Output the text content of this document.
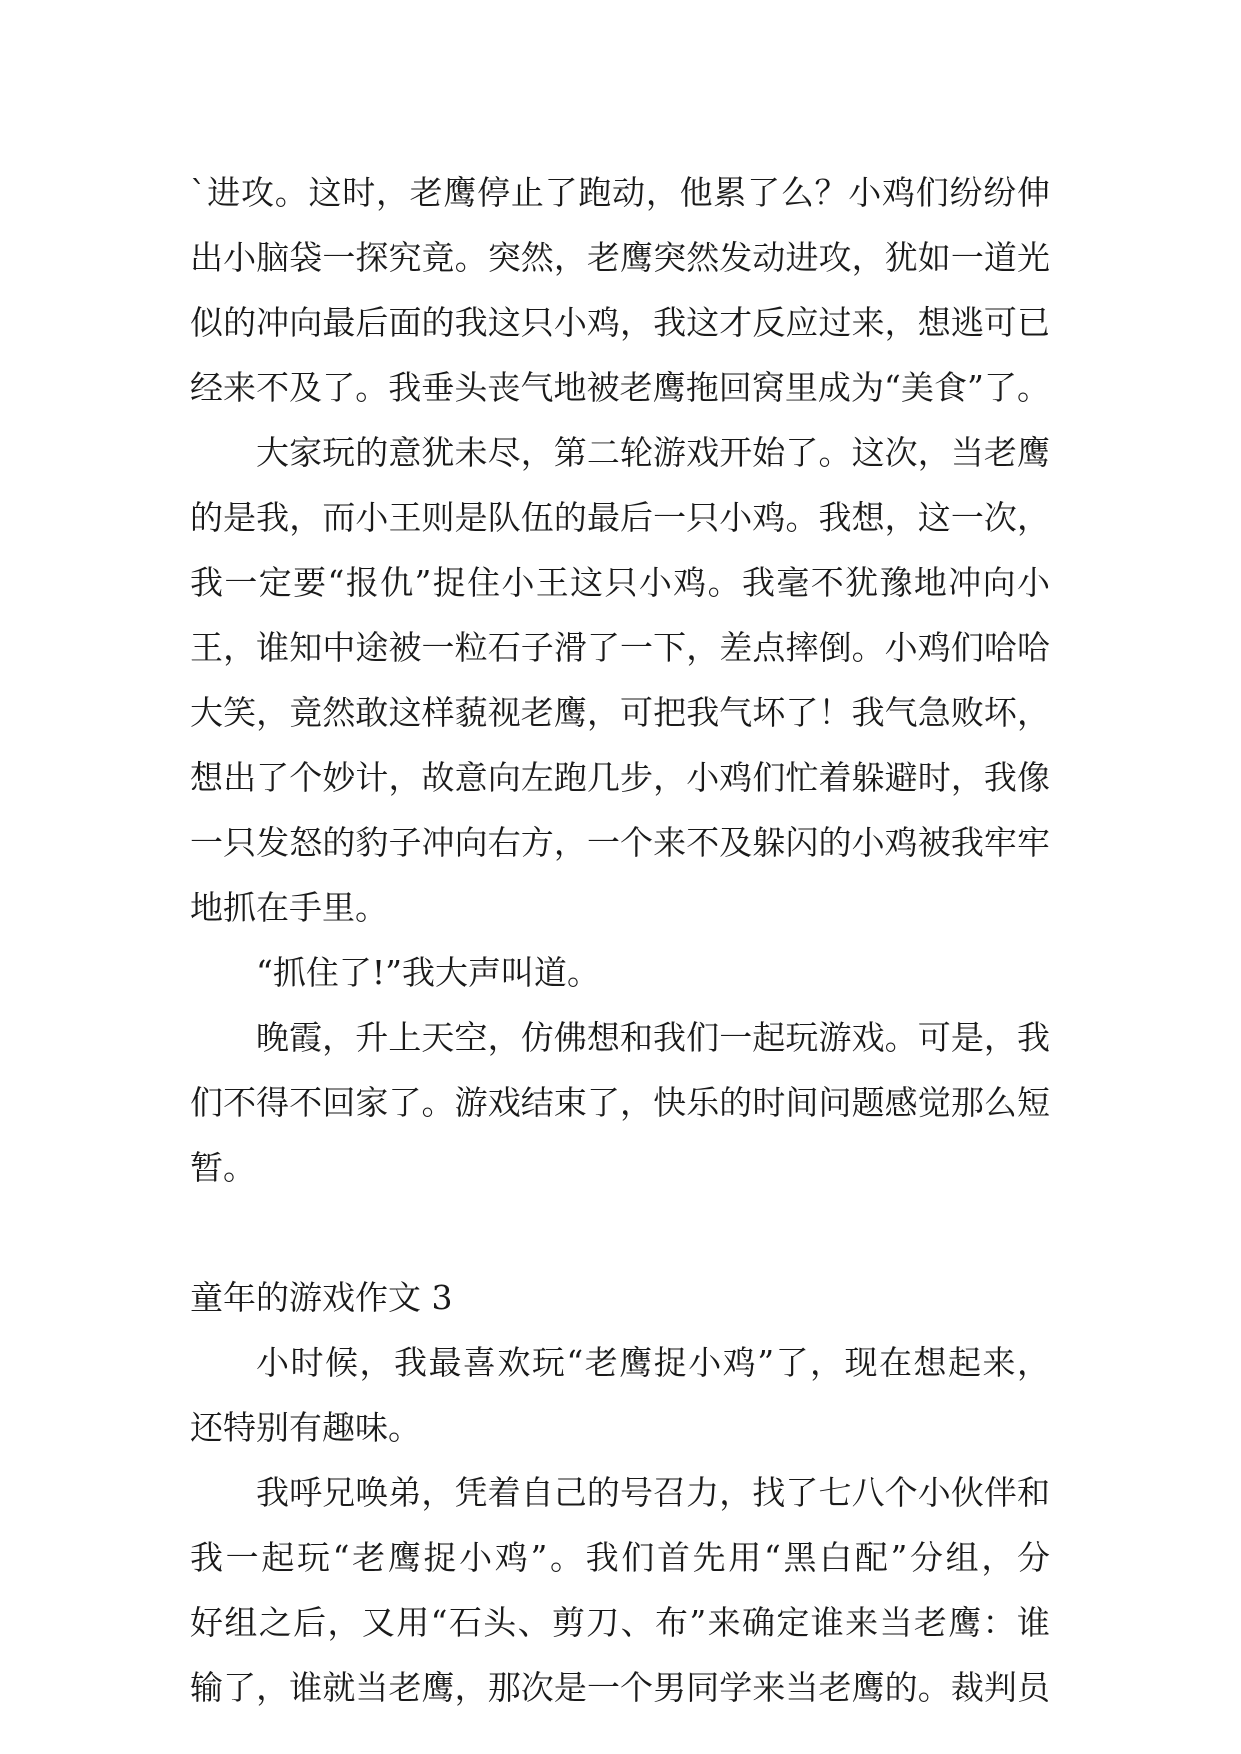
`进攻。这时，老鹰停止了跑动，他累了么？小鸡们纷纷伸
出小脑袋一探究竟。突然，老鹰突然发动进攻，犹如一道光
似的冲向最后面的我这只小鸡，我这才反应过来，想逃可已
经来不及了。我垂头丧气地被老鹰拖回窝里成为“美食”了。
大家玩的意犹未尽，第二轮游戏开始了。这次，当老鹰
的是我，而小王则是队伍的最后一只小鸡。我想，这一次，
我一定要“报仇”捉住小王这只小鸡。我毫不犹豫地冲向小
王，谁知中途被一粒石子滑了一下，差点摔倒。小鸡们哈哈
大笑，竟然敢这样藐视老鹰，可把我气坏了！我气急败坏，
想出了个妙计，故意向左跑几步，小鸡们忙着躲避时，我像
一只发怒的豹子冲向右方，一个来不及躲闪的小鸡被我牢牢
地抓在手里。
“抓住了!”我大声叫道。
晚霞，升上天空，仿佛想和我们一起玩游戏。可是，我
们不得不回家了。游戏结束了，快乐的时间问题感觉那么短
暂。
童年的游戏作文 3
小时候，我最喜欢玩“老鹰捉小鸡”了，现在想起来，
还特别有趣味。
我呼兄唤弟，凭着自己的号召力，找了七八个小伙伴和
我一起玩“老鹰捉小鸡”。我们首先用“黑白配”分组，分
好组之后，又用“石头、剪刀、布”来确定谁来当老鹰：谁
输了，谁就当老鹰，那次是一个男同学来当老鹰的。裁判员
